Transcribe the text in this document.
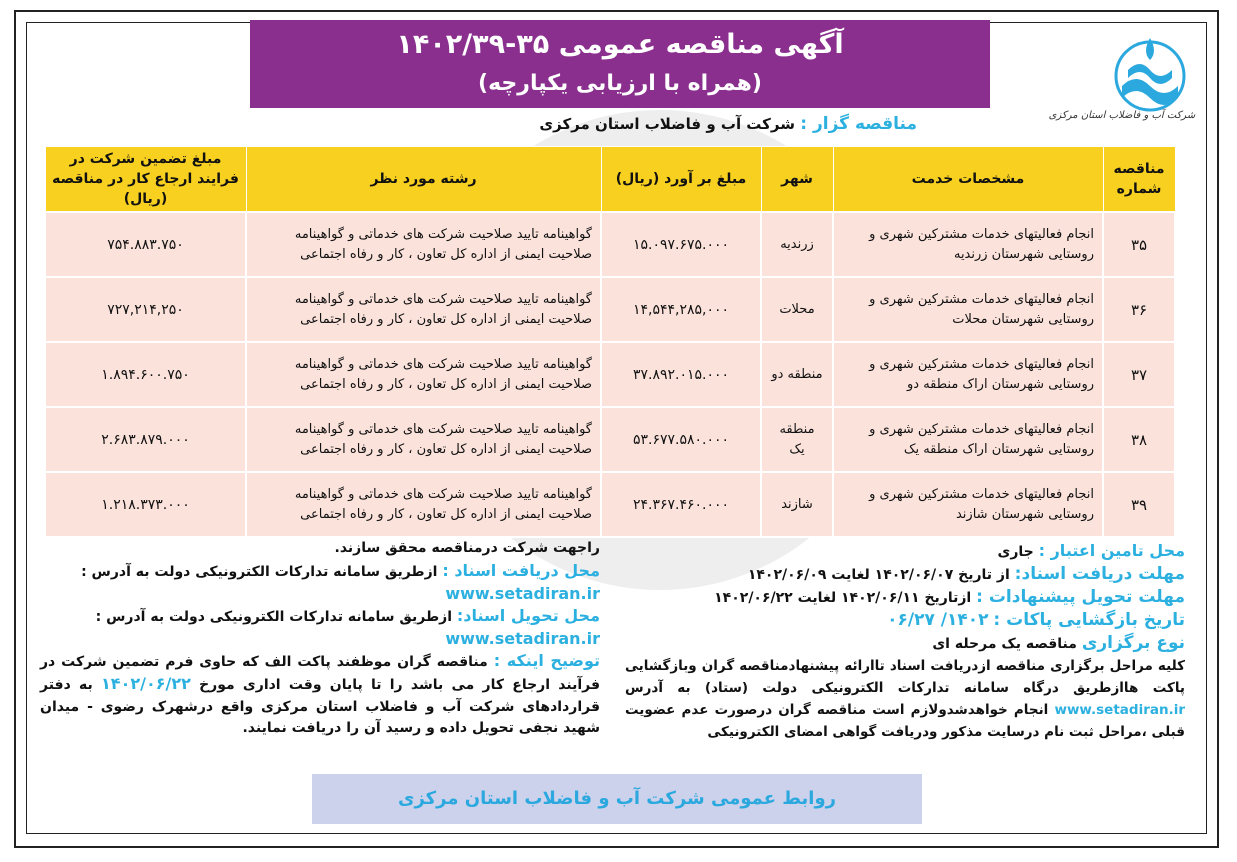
آگهی مناقصه عمومی ۳۵-۱۴۰۲/۳۹
(همراه با ارزیابی یکپارچه)
شرکت آب و فاضلاب استان مرکزی
مناقصه گزار : شرکت آب و فاضلاب استان مرکزی
مناقصه شماره	مشخصات خدمت	شهر	مبلغ بر آورد (ریال)	رشته مورد نظر	مبلغ تضمین شرکت در فرایند ارجاع کار در مناقصه (ریال)
۳۵	انجام فعالیتهای خدمات مشترکین شهری و روستایی شهرستان زرندیه	زرندیه	۱۵.۰۹۷.۶۷۵.۰۰۰	گواهینامه تایید صلاحیت شرکت های خدماتی و گواهینامه صلاحیت ایمنی از اداره کل تعاون ، کار و رفاه اجتماعی	۷۵۴.۸۸۳.۷۵۰
۳۶	انجام فعالیتهای خدمات مشترکین شهری و روستایی شهرستان محلات	محلات	۱۴,۵۴۴,۲۸۵,۰۰۰	گواهینامه تایید صلاحیت شرکت های خدماتی و گواهینامه صلاحیت ایمنی از اداره کل تعاون ، کار و رفاه اجتماعی	۷۲۷,۲۱۴,۲۵۰
۳۷	انجام فعالیتهای خدمات مشترکین شهری و روستایی شهرستان اراک منطقه دو	منطقه دو	۳۷.۸۹۲.۰۱۵.۰۰۰	گواهینامه تایید صلاحیت شرکت های خدماتی و گواهینامه صلاحیت ایمنی از اداره کل تعاون ، کار و رفاه اجتماعی	۱.۸۹۴.۶۰۰.۷۵۰
۳۸	انجام فعالیتهای خدمات مشترکین شهری و روستایی شهرستان اراک منطقه یک	منطقه یک	۵۳.۶۷۷.۵۸۰.۰۰۰	گواهینامه تایید صلاحیت شرکت های خدماتی و گواهینامه صلاحیت ایمنی از اداره کل تعاون ، کار و رفاه اجتماعی	۲.۶۸۳.۸۷۹.۰۰۰
۳۹	انجام فعالیتهای خدمات مشترکین شهری و روستایی شهرستان شازند	شازند	۲۴.۳۶۷.۴۶۰.۰۰۰	گواهینامه تایید صلاحیت شرکت های خدماتی و گواهینامه صلاحیت ایمنی از اداره کل تعاون ، کار و رفاه اجتماعی	۱.۲۱۸.۳۷۳.۰۰۰
محل تامین اعتبار : جاری
مهلت دریافت اسناد: از تاریخ ۱۴۰۲/۰۶/۰۷ لغایت ۱۴۰۲/۰۶/۰۹
مهلت تحویل پیشنهادات : ازتاریخ ۱۴۰۲/۰۶/۱۱ لغایت ۱۴۰۲/۰۶/۲۲
تاریخ بازگشایی پاکات : ۱۴۰۲/ ۰۶/۲۷
نوع برگزاری مناقصه یک مرحله ای
کلیه مراحل برگزاری مناقصه ازدریافت اسناد تاارائه پیشنهادمناقصه گران وبازگشایی پاکت هاازطریق درگاه سامانه تدارکات الکترونیکی دولت (ستاد) به آدرس www.setadiran.ir انجام خواهدشدولازم است مناقصه گران درصورت عدم عضویت قبلی ،مراحل ثبت نام درسایت مذکور ودریافت گواهی امضای الکترونیکی
راجهت شرکت درمناقصه محقق سازند.
محل دریافت اسناد : ازطریق سامانه تدارکات الکترونیکی دولت به آدرس :
www.setadiran.ir
محل تحویل اسناد: ازطریق سامانه تدارکات الکترونیکی دولت به آدرس :
www.setadiran.ir
توضیح اینکه : مناقصه گران موظفند پاکت الف که حاوی فرم تضمین شرکت در فرآیند ارجاع کار می باشد را تا پایان وقت اداری مورخ ۱۴۰۲/۰۶/۲۲ به دفتر قراردادهای شرکت آب و فاضلاب استان مرکزی واقع درشهرک رضوی - میدان شهید نجفی تحویل داده و رسید آن را دریافت نمایند.
روابط عمومی شرکت آب و فاضلاب استان مرکزی
